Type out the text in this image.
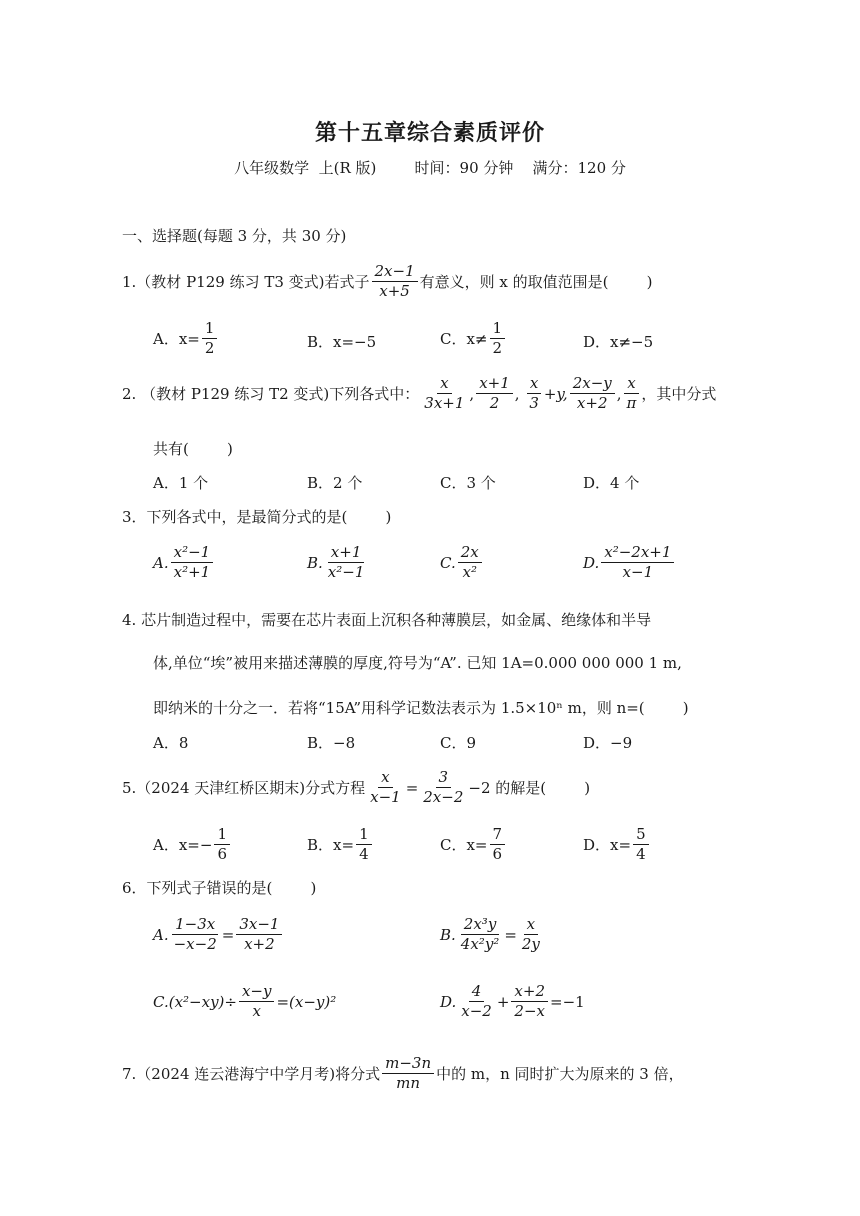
第十五章综合素质评价
八年级数学  上(R 版)        时间：90 分钟    满分：120 分
一、选择题(每题 3 分，共 30 分)
1.（教材 P129 练习 T3 变式)若式子 $\frac{2x-1}{x+5}$ 有意义，则 x 的取值范围是(        )
A．$x= \frac{1}{2}$	B．x=−5	C．$x\ne \frac{1}{2}$	D．x≠−5
2. （教材 P129 练习 T2 变式)下列各式中： $\frac{x}{3x+1}$ , $\frac{x+1}{2}$ , $\frac{x}{3} +y$, $\frac{2x-y}{x+2}$ , $\frac{x}{\pi}$ ，其中分式
共有(        )
A．1 个	B．2 个	C．3 个	D．4 个
3．下列各式中，是最简分式的是(        )
A. $\frac{\text{x²−1}}{\text{x²+1}}$	B. $\frac{x+1}{\text{x²−1}}$	C. $\frac{2x}{\text{x²}}$	D. $\frac{\text{x²−2x+1}}{x-1}$
4. 芯片制造过程中，需要在芯片表面上沉积各种薄膜层，如金属、绝缘体和半导
体,单位“埃”被用来描述薄膜的厚度,符号为“A”. 已知 1A=0.000 000 000 1 m,
即纳米的十分之一．若将“15A”用科学记数法表示为 1.5×10ⁿ m，则 n=(        )
A．8	B．−8	C．9	D．−9
5.（2024 天津红桥区期末)分式方程 $\frac{x}{x-1} = \frac{3}{2x-2} -2$ 的解是(        )
A．$x=- \frac{1}{6}$	B．$x= \frac{1}{4}$	C．$x= \frac{7}{6}$	D．$x= \frac{5}{4}$
6．下列式子错误的是(        )
A. $\frac{1-3x}{-x-2} = \frac{3x-1}{x+2}$	B. $\frac{\text{2x³y}}{\text{4x²y²}} = \frac{x}{2y}$
C. $(x^2-xy)\div \frac{x-y}{x} =(x-y)^2$	D. $\frac{4}{x-2} + \frac{x+2}{2-x} =-1$
7.（2024 连云港海宁中学月考)将分式 $\frac{m-3n}{mn}$ 中的 m，n 同时扩大为原来的 3 倍，
